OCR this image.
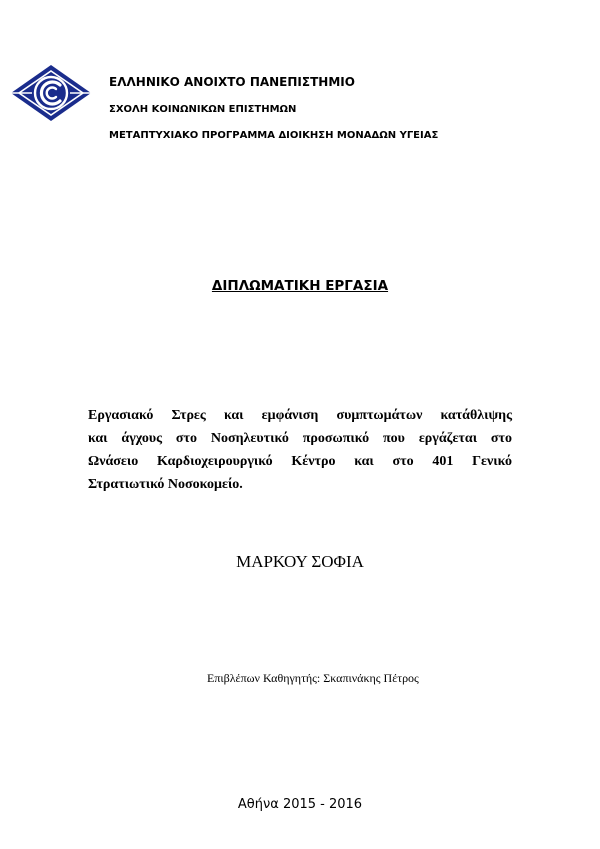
ΕΛΛΗΝΙΚΟ ΑΝΟΙΧΤΟ ΠΑΝΕΠΙΣΤΗΜΙΟ
ΣΧΟΛΗ ΚΟΙΝΩΝΙΚΩΝ ΕΠΙΣΤΗΜΩΝ
ΜΕΤΑΠΤΥΧΙΑΚΟ ΠΡΟΓΡΑΜΜΑ ΔΙΟΙΚΗΣΗ ΜΟΝΑΔΩΝ ΥΓΕΙΑΣ
ΔΙΠΛΩΜΑΤΙΚΗ ΕΡΓΑΣΙΑ
Εργασιακό Στρες και εμφάνιση συμπτωμάτων κατάθλιψης
και άγχους στο Νοσηλευτικό προσωπικό που εργάζεται στο
Ωνάσειο Καρδιοχειρουργικό Κέντρο και στο 401 Γενικό
Στρατιωτικό Νοσοκομείο.
ΜΑΡΚΟΥ ΣΟΦΙΑ
Επιβλέπων Καθηγητής: Σκαπινάκης Πέτρος
Αθήνα 2015 - 2016
